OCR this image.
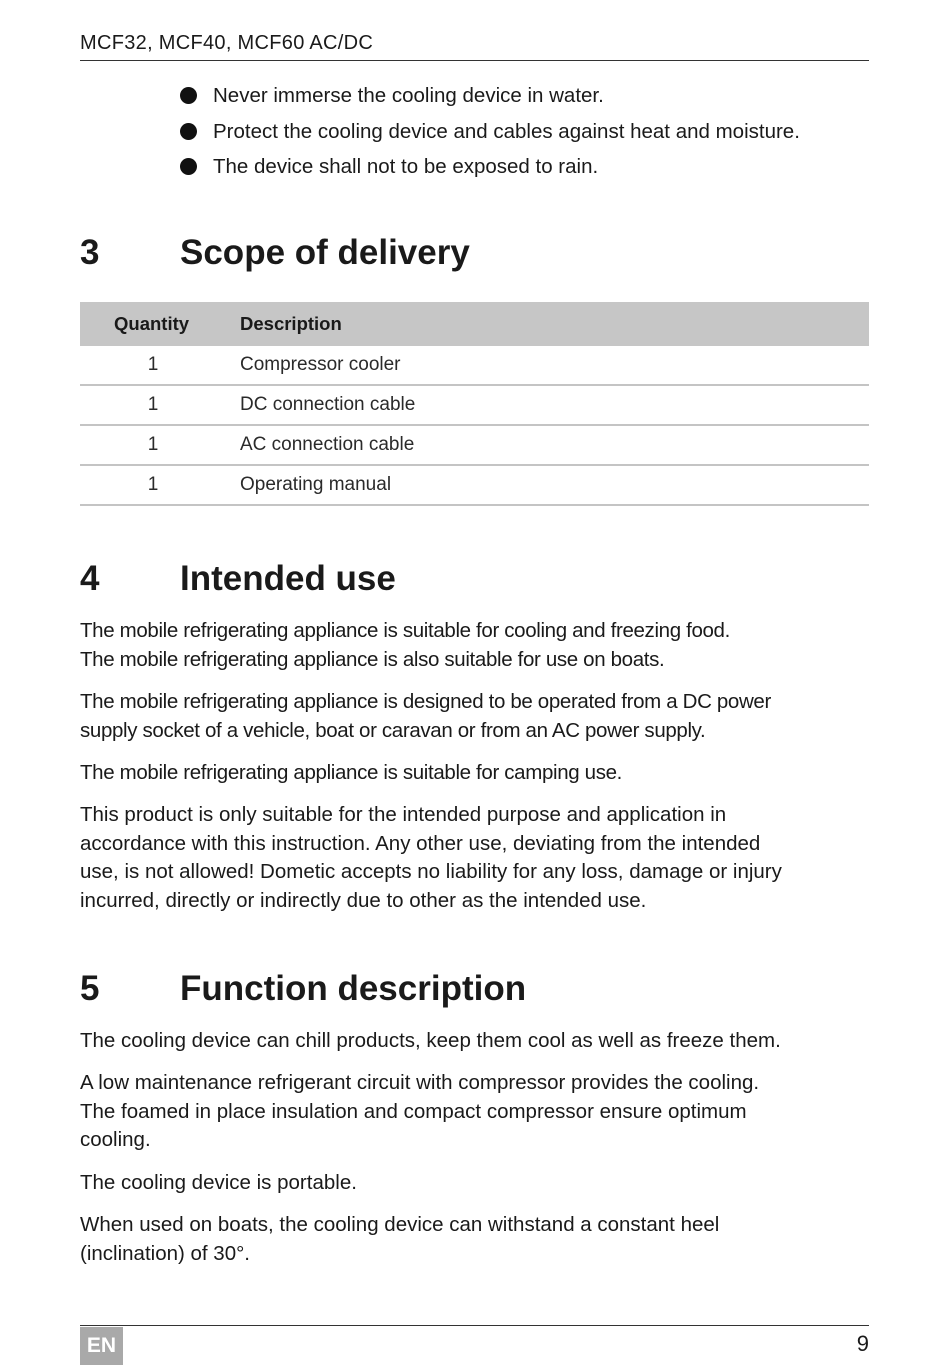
MCF32, MCF40, MCF60 AC/DC
Never immerse the cooling device in water.
Protect the cooling device and cables against heat and moisture.
The device shall not to be exposed to rain.
3 Scope of delivery
Quantity	Description
1	Compressor cooler
1	DC connection cable
1	AC connection cable
1	Operating manual
4 Intended use

The mobile refrigerating appliance is suitable for cooling and freezing food.
The mobile refrigerating appliance is also suitable for use on boats.

The mobile refrigerating appliance is designed to be operated from a DC power
supply socket of a vehicle, boat or caravan or from an AC power supply.

The mobile refrigerating appliance is suitable for camping use.

This product is only suitable for the intended purpose and application in
accordance with this instruction. Any other use, deviating from the intended
use, is not allowed! Dometic accepts no liability for any loss, damage or injury
incurred, directly or indirectly due to other as the intended use.

5 Function description

The cooling device can chill products, keep them cool as well as freeze them.

A low maintenance refrigerant circuit with compressor provides the cooling.
The foamed in place insulation and compact compressor ensure optimum
cooling.

The cooling device is portable.

When used on boats, the cooling device can withstand a constant heel
(inclination) of 30°.

EN	9
